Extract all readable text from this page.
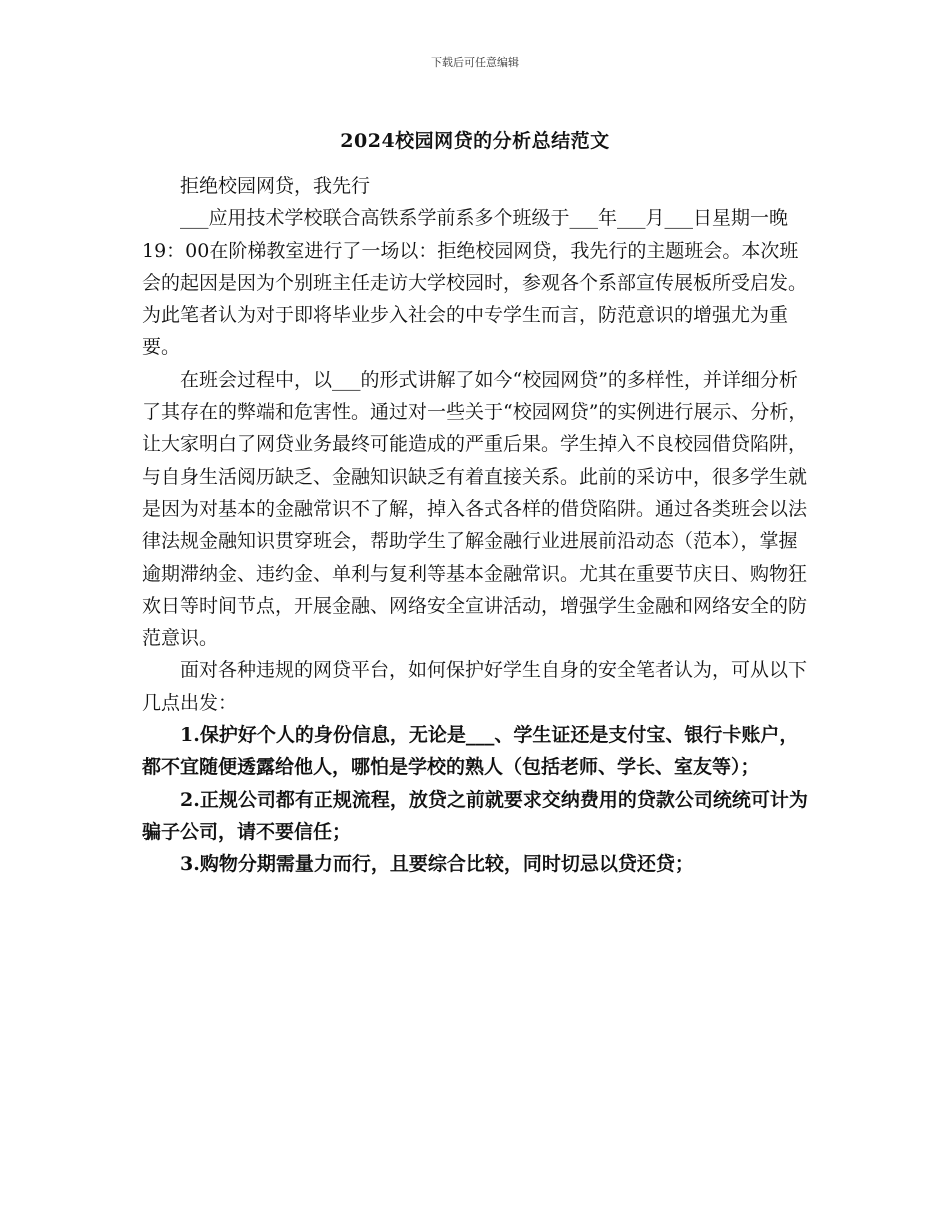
下载后可任意编辑
2024校园网贷的分析总结范文

拒绝校园网贷，我先行

___应用技术学校联合高铁系学前系多个班级于___年___月___日星期一晚19：00在阶梯教室进行了一场以：拒绝校园网贷，我先行的主题班会。本次班会的起因是因为个别班主任走访大学校园时，参观各个系部宣传展板所受启发。为此笔者认为对于即将毕业步入社会的中专学生而言，防范意识的增强尤为重要。

在班会过程中，以___的形式讲解了如今“校园网贷”的多样性，并详细分析了其存在的弊端和危害性。通过对一些关于“校园网贷”的实例进行展示、分析，让大家明白了网贷业务最终可能造成的严重后果。学生掉入不良校园借贷陷阱，与自身生活阅历缺乏、金融知识缺乏有着直接关系。此前的采访中，很多学生就是因为对基本的金融常识不了解，掉入各式各样的借贷陷阱。通过各类班会以法律法规金融知识贯穿班会，帮助学生了解金融行业进展前沿动态（范本），掌握逾期滞纳金、违约金、单利与复利等基本金融常识。尤其在重要节庆日、购物狂欢日等时间节点，开展金融、网络安全宣讲活动，增强学生金融和网络安全的防范意识。

面对各种违规的网贷平台，如何保护好学生自身的安全笔者认为，可从以下几点出发：

1.保护好个人的身份信息，无论是___、学生证还是支付宝、银行卡账户，都不宜随便透露给他人，哪怕是学校的熟人（包括老师、学长、室友等）；

2.正规公司都有正规流程，放贷之前就要求交纳费用的贷款公司统统可计为骗子公司，请不要信任；

3.购物分期需量力而行，且要综合比较，同时切忌以贷还贷；
